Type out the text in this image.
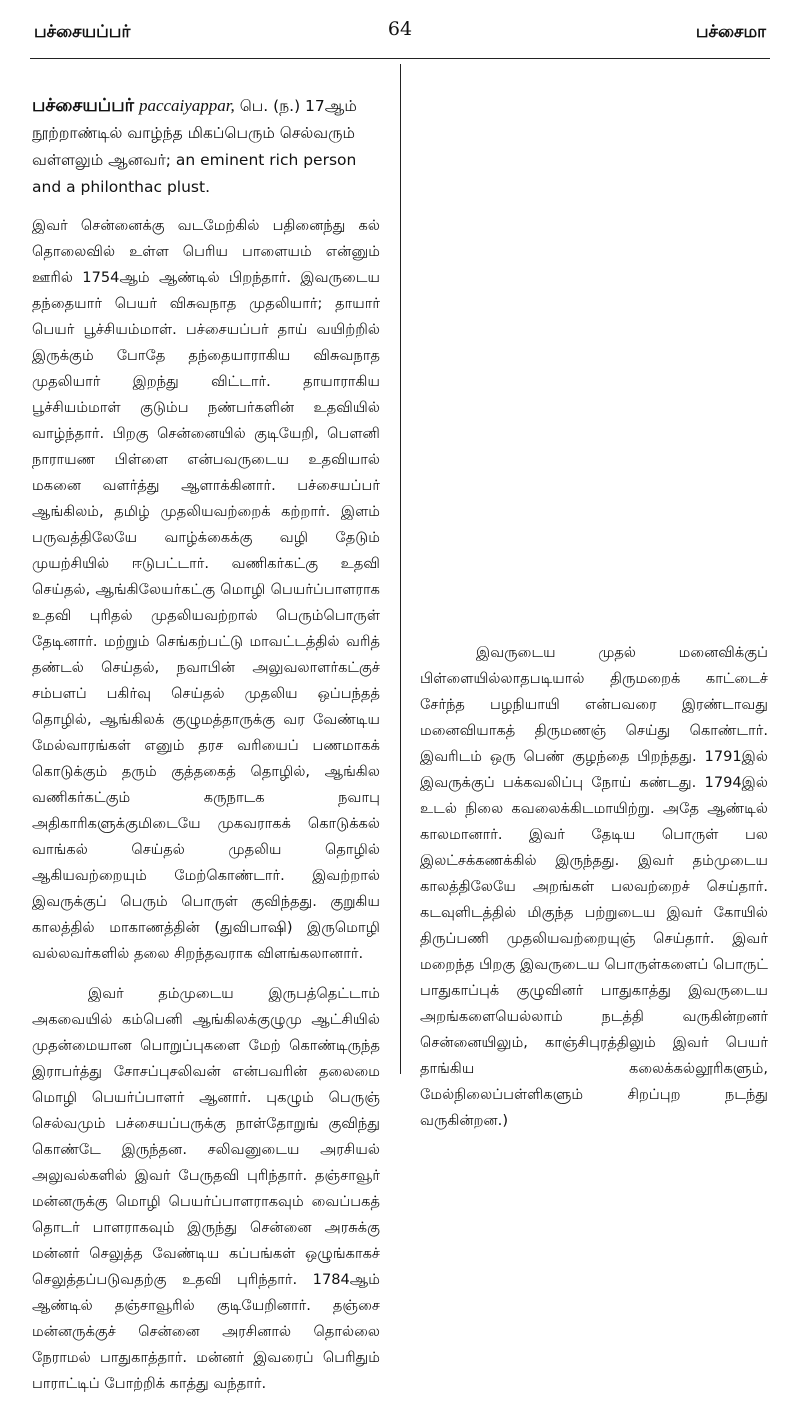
பச்சையப்பர்	64	பச்சைமா

பச்சையப்பர் paccaiyappar, பெ. (ந.) 17ஆம் நூற்றாண்டில் வாழ்ந்த மிகப்பெரும் செல்வரும் வள்ளலும் ஆனவர்; an eminent rich person and a philonthac plust.

இவர் சென்னைக்கு வடமேற்கில் பதினைந்து கல் தொலைவில் உள்ள பெரிய பாளையம் என்னும் ஊரில் 1754ஆம் ஆண்டில் பிறந்தார். இவருடைய தந்தையார் பெயர் விசுவநாத முதலியார்; தாயார் பெயர் பூச்சியம்மாள். பச்சையப்பர் தாய் வயிற்றில் இருக்கும் போதே தந்தையாராகிய விசுவநாத முதலியார் இறந்து விட்டார். தாயாராகிய பூச்சியம்மாள் குடும்ப நண்பர்களின் உதவியில் வாழ்ந்தார். பிறகு சென்னையில் குடியேறி, பௌனி நாராயண பிள்ளை என்பவருடைய உதவியால் மகனை வளர்த்து ஆளாக்கினார். பச்சையப்பர் ஆங்கிலம், தமிழ் முதலியவற்றைக் கற்றார். இளம் பருவத்திலேயே வாழ்க்கைக்கு வழி தேடும் முயற்சியில் ஈடுபட்டார். வணிகர்கட்கு உதவி செய்தல், ஆங்கிலேயர்கட்கு மொழி பெயர்ப்பாளராக உதவி புரிதல் முதலியவற்றால் பெரும்பொருள் தேடினார். மற்றும் செங்கற்பட்டு மாவட்டத்தில் வரித் தண்டல் செய்தல், நவாபின் அலுவலாளர்கட்குச் சம்பளப் பகிர்வு செய்தல் முதலிய ஒப்பந்தத் தொழில், ஆங்கிலக் குழுமத்தாருக்கு வர வேண்டிய மேல்வாரங்கள் எனும் தரச வரியைப் பணமாகக் கொடுக்கும் தரும் குத்தகைத் தொழில், ஆங்கில வணிகர்கட்கும் கருநாடக நவாபு அதிகாரிகளுக்குமிடையே முகவராகக் கொடுக்கல் வாங்கல் செய்தல் முதலிய தொழில் ஆகியவற்றையும் மேற்கொண்டார். இவற்றால் இவருக்குப் பெரும் பொருள் குவிந்தது. குறுகிய காலத்தில் மாகாணத்தின் (துவிபாஷி) இருமொழி வல்லவர்களில் தலை சிறந்தவராக விளங்கலானார்.

இவர் தம்முடைய இருபத்தெட்டாம் அகவையில் கம்பெனி ஆங்கிலக்குழுமு ஆட்சியில் முதன்மையான பொறுப்புகளை மேற் கொண்டிருந்த இராபர்த்து சோசப்புசலிவன் என்பவரின் தலைமை மொழி பெயர்ப்பாளர் ஆனார். புகழும் பெருஞ் செல்வமும் பச்சையப்பருக்கு நாள்தோறுங் குவிந்து கொண்டே இருந்தன. சலிவனுடைய அரசியல் அலுவல்களில் இவர் பேருதவி புரிந்தார். தஞ்சாவூர் மன்னருக்கு மொழி பெயர்ப்பாளராகவும் வைப்பகத் தொடர் பாளராகவும் இருந்து சென்னை அரசுக்கு மன்னர் செலுத்த வேண்டிய கப்பங்கள் ஒழுங்காகச் செலுத்தப்படுவதற்கு உதவி புரிந்தார். 1784ஆம் ஆண்டில் தஞ்சாவூரில் குடியேறினார். தஞ்சை மன்னருக்குச் சென்னை அரசினால் தொல்லை நேராமல் பாதுகாத்தார். மன்னர் இவரைப் பெரிதும் பாராட்டிப் போற்றிக் காத்து வந்தார்.

இவருடைய முதல் மனைவிக்குப் பிள்ளையில்லாதபடியால் திருமறைக் காட்டைச் சேர்ந்த பழநியாயி என்பவரை இரண்டாவது மனைவியாகத் திருமணஞ் செய்து கொண்டார். இவரிடம் ஒரு பெண் குழந்தை பிறந்தது. 1791இல் இவருக்குப் பக்கவலிப்பு நோய் கண்டது. 1794இல் உடல் நிலை கவலைக்கிடமாயிற்று. அதே ஆண்டில் காலமானார். இவர் தேடிய பொருள் பல இலட்சக்கணக்கில் இருந்தது. இவர் தம்முடைய காலத்திலேயே அறங்கள் பலவற்றைச் செய்தார். கடவுளிடத்தில் மிகுந்த பற்றுடைய இவர் கோயில் திருப்பணி முதலியவற்றையுஞ் செய்தார். இவர் மறைந்த பிறகு இவருடைய பொருள்களைப் பொருட் பாதுகாப்புக் குழுவினர் பாதுகாத்து இவருடைய அறங்களையெல்லாம் நடத்தி வருகின்றனர் சென்னையிலும், காஞ்சிபுரத்திலும் இவர் பெயர் தாங்கிய கலைக்கல்லூரிகளும், மேல்நிலைப்பள்ளிகளும் சிறப்புற நடந்து வருகின்றன.)
